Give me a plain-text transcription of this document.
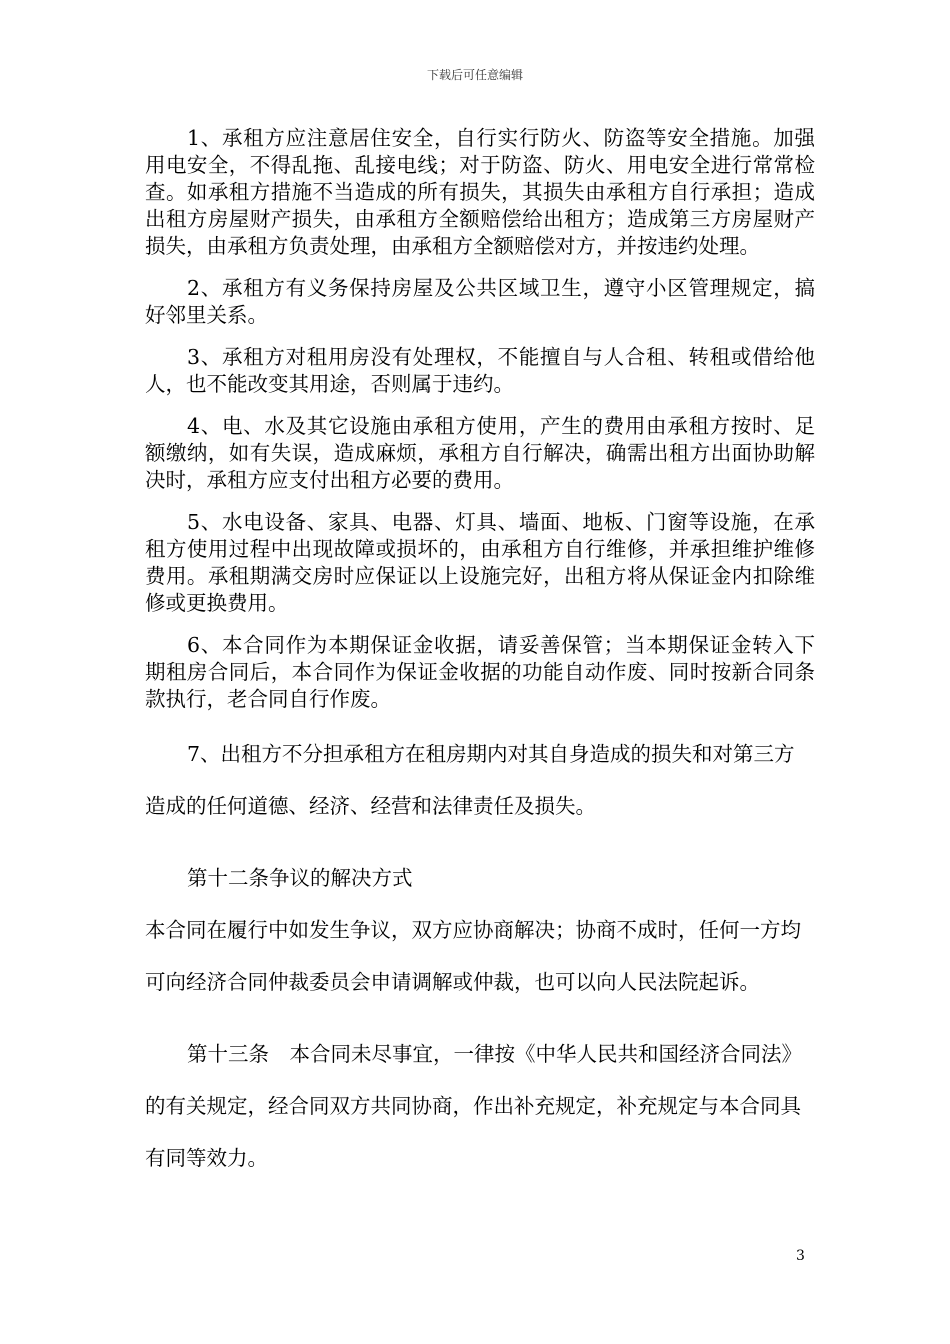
下载后可任意编辑

1、承租方应注意居住安全，自行实行防火、防盗等安全措施。加强用电安全，不得乱拖、乱接电线；对于防盗、防火、用电安全进行常常检查。如承租方措施不当造成的所有损失，其损失由承租方自行承担；造成出租方房屋财产损失，由承租方全额赔偿给出租方；造成第三方房屋财产损失，由承租方负责处理，由承租方全额赔偿对方，并按违约处理。

2、承租方有义务保持房屋及公共区域卫生，遵守小区管理规定，搞好邻里关系。

3、承租方对租用房没有处理权，不能擅自与人合租、转租或借给他人，也不能改变其用途，否则属于违约。

4、电、水及其它设施由承租方使用，产生的费用由承租方按时、足额缴纳，如有失误，造成麻烦，承租方自行解决，确需出租方出面协助解决时，承租方应支付出租方必要的费用。

5、水电设备、家具、电器、灯具、墙面、地板、门窗等设施，在承租方使用过程中出现故障或损坏的，由承租方自行维修，并承担维护维修费用。承租期满交房时应保证以上设施完好，出租方将从保证金内扣除维修或更换费用。

6、本合同作为本期保证金收据，请妥善保管；当本期保证金转入下期租房合同后，本合同作为保证金收据的功能自动作废、同时按新合同条款执行，老合同自行作废。

7、出租方不分担承租方在租房期内对其自身造成的损失和对第三方造成的任何道德、经济、经营和法律责任及损失。

第十二条争议的解决方式

本合同在履行中如发生争议，双方应协商解决；协商不成时，任何一方均可向经济合同仲裁委员会申请调解或仲裁，也可以向人民法院起诉。

第十三条　本合同未尽事宜，一律按《中华人民共和国经济合同法》的有关规定，经合同双方共同协商，作出补充规定，补充规定与本合同具有同等效力。

3
